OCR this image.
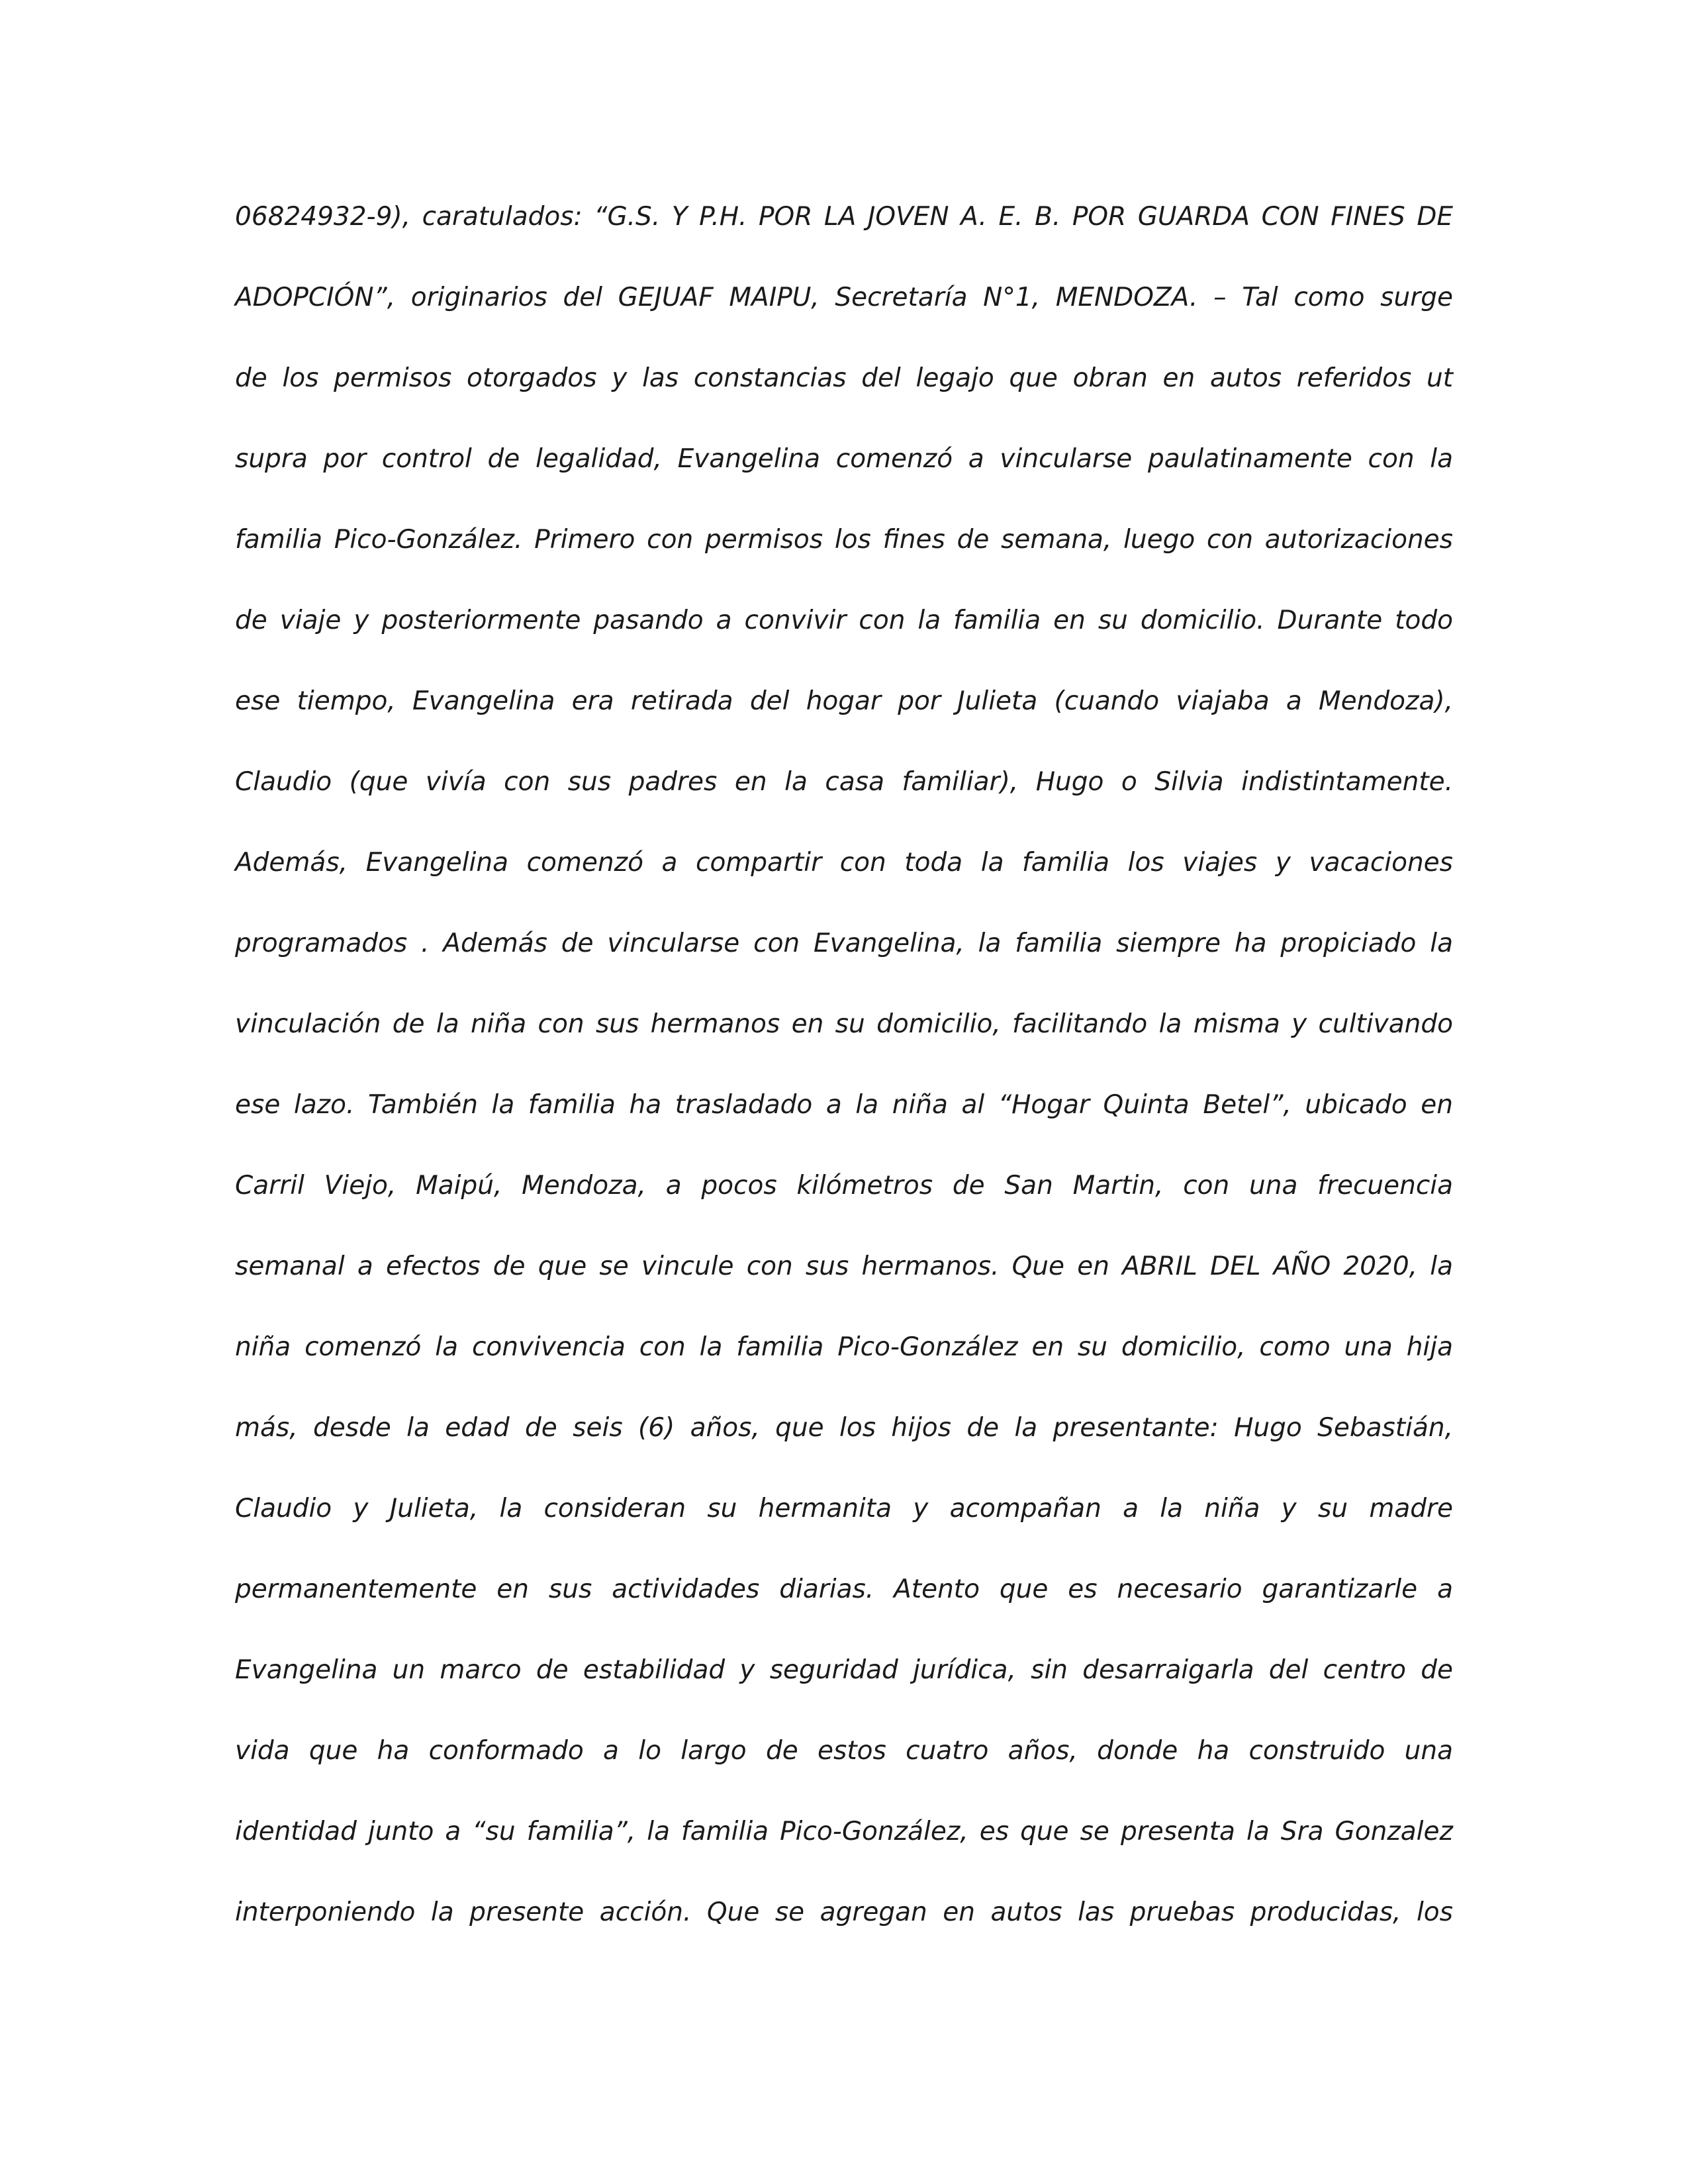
06824932-9), caratulados: “G.S. Y P.H. POR LA JOVEN A. E. B. POR GUARDA CON FINES DE
ADOPCIÓN”, originarios del GEJUAF MAIPU, Secretaría N°1, MENDOZA. – Tal como surge
de los permisos otorgados y las constancias del legajo que obran en autos referidos ut
supra por control de legalidad, Evangelina comenzó a vincularse paulatinamente con la
familia Pico-González. Primero con permisos los fines de semana, luego con autorizaciones
de viaje y posteriormente pasando a convivir con la familia en su domicilio. Durante todo
ese tiempo, Evangelina era retirada del hogar por Julieta (cuando viajaba a Mendoza),
Claudio (que vivía con sus padres en la casa familiar), Hugo o Silvia indistintamente.
Además, Evangelina comenzó a compartir con toda la familia los viajes y vacaciones
programados . Además de vincularse con Evangelina, la familia siempre ha propiciado la
vinculación de la niña con sus hermanos en su domicilio, facilitando la misma y cultivando
ese lazo. También la familia ha trasladado a la niña al “Hogar Quinta Betel”, ubicado en
Carril Viejo, Maipú, Mendoza, a pocos kilómetros de San Martin, con una frecuencia
semanal a efectos de que se vincule con sus hermanos. Que en ABRIL DEL AÑO 2020, la
niña comenzó la convivencia con la familia Pico-González en su domicilio, como una hija
más, desde la edad de seis (6) años, que los hijos de la presentante: Hugo Sebastián,
Claudio y Julieta, la consideran su hermanita y acompañan a la niña y su madre
permanentemente en sus actividades diarias. Atento que es necesario garantizarle a
Evangelina un marco de estabilidad y seguridad jurídica, sin desarraigarla del centro de
vida que ha conformado a lo largo de estos cuatro años, donde ha construido una
identidad junto a “su familia”, la familia Pico-González, es que se presenta la Sra Gonzalez
interponiendo la presente acción. Que se agregan en autos las pruebas producidas, los
